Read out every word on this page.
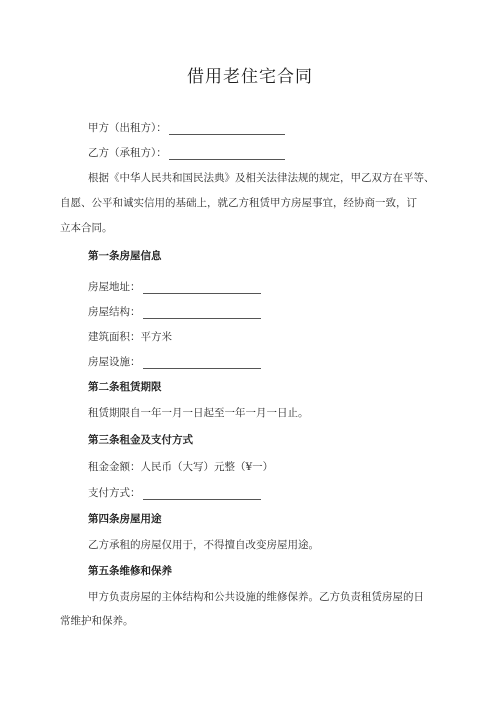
借用老住宅合同
甲方（出租方）：
乙方（承租方）：
根据《中华人民共和国民法典》及相关法律法规的规定，甲乙双方在平等、
自愿、公平和诚实信用的基础上，就乙方租赁甲方房屋事宜，经协商一致，订
立本合同。
第一条房屋信息
房屋地址：
房屋结构：
建筑面积：平方米
房屋设施：
第二条租赁期限
租赁期限自一年一月一日起至一年一月一日止。
第三条租金及支付方式
租金金额：人民币（大写）元整（¥一）
支付方式：
第四条房屋用途
乙方承租的房屋仅用于，不得擅自改变房屋用途。
第五条维修和保养
甲方负责房屋的主体结构和公共设施的维修保养。乙方负责租赁房屋的日
常维护和保养。
